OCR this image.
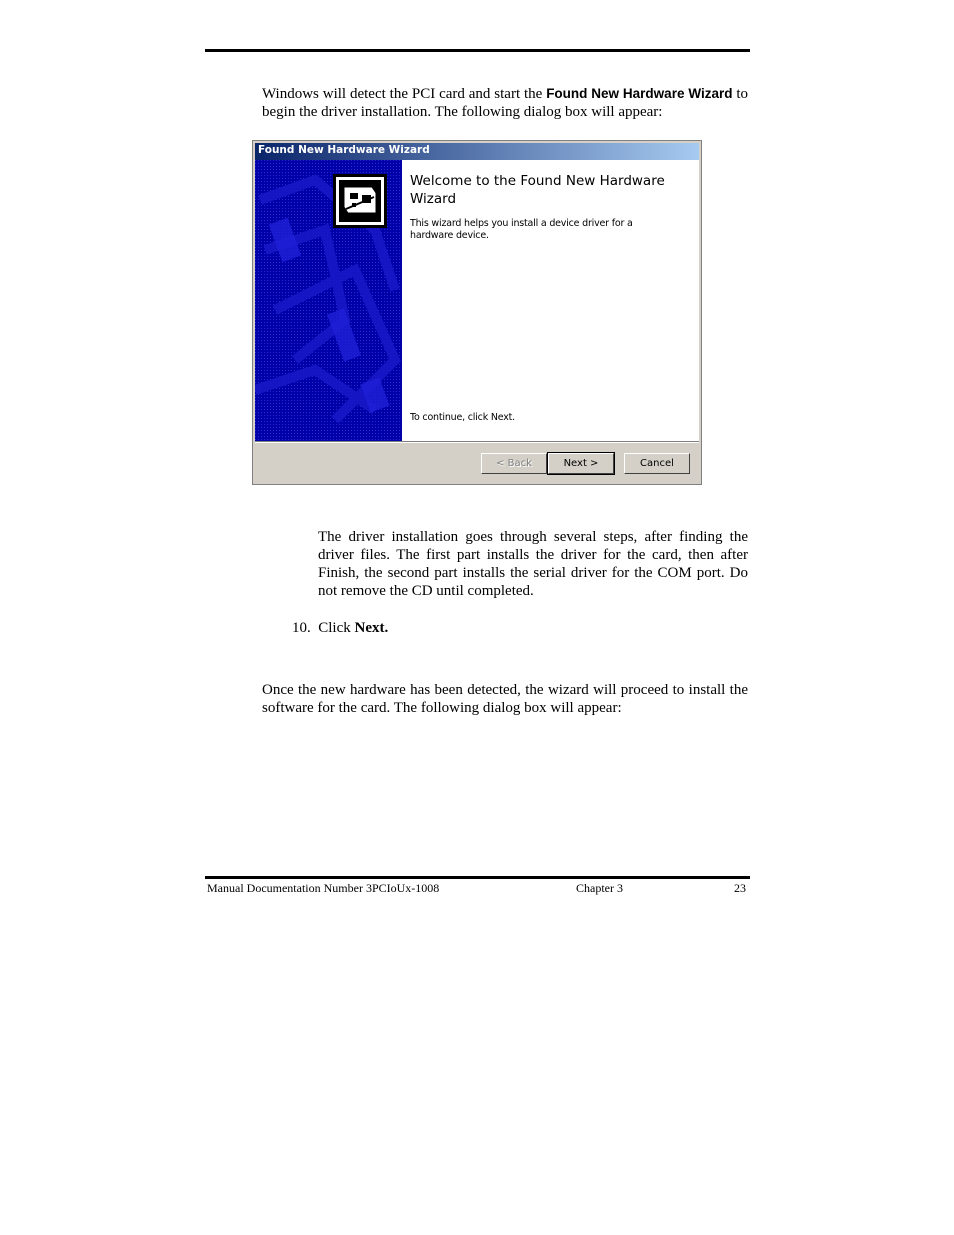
Windows will detect the PCI card and start the Found New Hardware Wizard to begin the driver installation. The following dialog box will appear:
Found New Hardware Wizard
Welcome to the Found New Hardware Wizard
This wizard helps you install a device driver for a hardware device.
To continue, click Next.
< Back	Next >	Cancel
The driver installation goes through several steps, after finding the driver files. The first part installs the driver for the card, then after Finish, the second part installs the serial driver for the COM port. Do not remove the CD until completed.
10. Click Next.
Once the new hardware has been detected, the wizard will proceed to install the software for the card. The following dialog box will appear:
Manual Documentation Number 3PCIoUx-1008	Chapter 3	23
